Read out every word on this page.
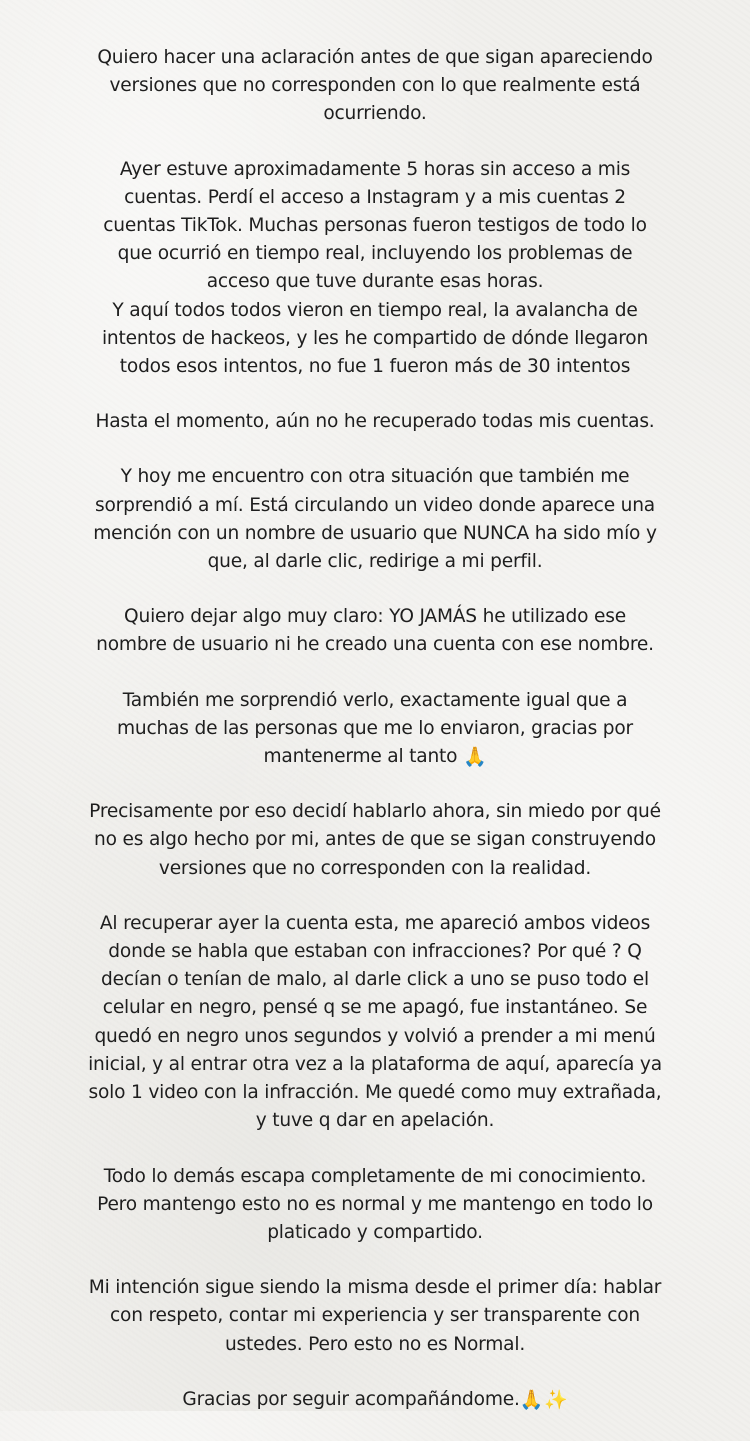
Quiero hacer una aclaración antes de que sigan apareciendo
versiones que no corresponden con lo que realmente está
ocurriendo.

Ayer estuve aproximadamente 5 horas sin acceso a mis
cuentas. Perdí el acceso a Instagram y a mis cuentas 2
cuentas TikTok. Muchas personas fueron testigos de todo lo
que ocurrió en tiempo real, incluyendo los problemas de
acceso que tuve durante esas horas.
Y aquí todos todos vieron en tiempo real, la avalancha de
intentos de hackeos, y les he compartido de dónde llegaron
todos esos intentos, no fue 1 fueron más de 30 intentos

Hasta el momento, aún no he recuperado todas mis cuentas.

Y hoy me encuentro con otra situación que también me
sorprendió a mí. Está circulando un video donde aparece una
mención con un nombre de usuario que NUNCA ha sido mío y
que, al darle clic, redirige a mi perfil.

Quiero dejar algo muy claro: YO JAMÁS he utilizado ese
nombre de usuario ni he creado una cuenta con ese nombre.

También me sorprendió verlo, exactamente igual que a
muchas de las personas que me lo enviaron, gracias por
mantenerme al tanto 🙏

Precisamente por eso decidí hablarlo ahora, sin miedo por qué
no es algo hecho por mi, antes de que se sigan construyendo
versiones que no corresponden con la realidad.

Al recuperar ayer la cuenta esta, me apareció ambos videos
donde se habla que estaban con infracciones? Por qué ? Q
decían o tenían de malo, al darle click a uno se puso todo el
celular en negro, pensé q se me apagó, fue instantáneo. Se
quedó en negro unos segundos y volvió a prender a mi menú
inicial, y al entrar otra vez a la plataforma de aquí, aparecía ya
solo 1 video con la infracción. Me quedé como muy extrañada,
y tuve q dar en apelación.

Todo lo demás escapa completamente de mi conocimiento.
Pero mantengo esto no es normal y me mantengo en todo lo
platicado y compartido.

Mi intención sigue siendo la misma desde el primer día: hablar
con respeto, contar mi experiencia y ser transparente con
ustedes. Pero esto no es Normal.

Gracias por seguir acompañándome.🙏✨
